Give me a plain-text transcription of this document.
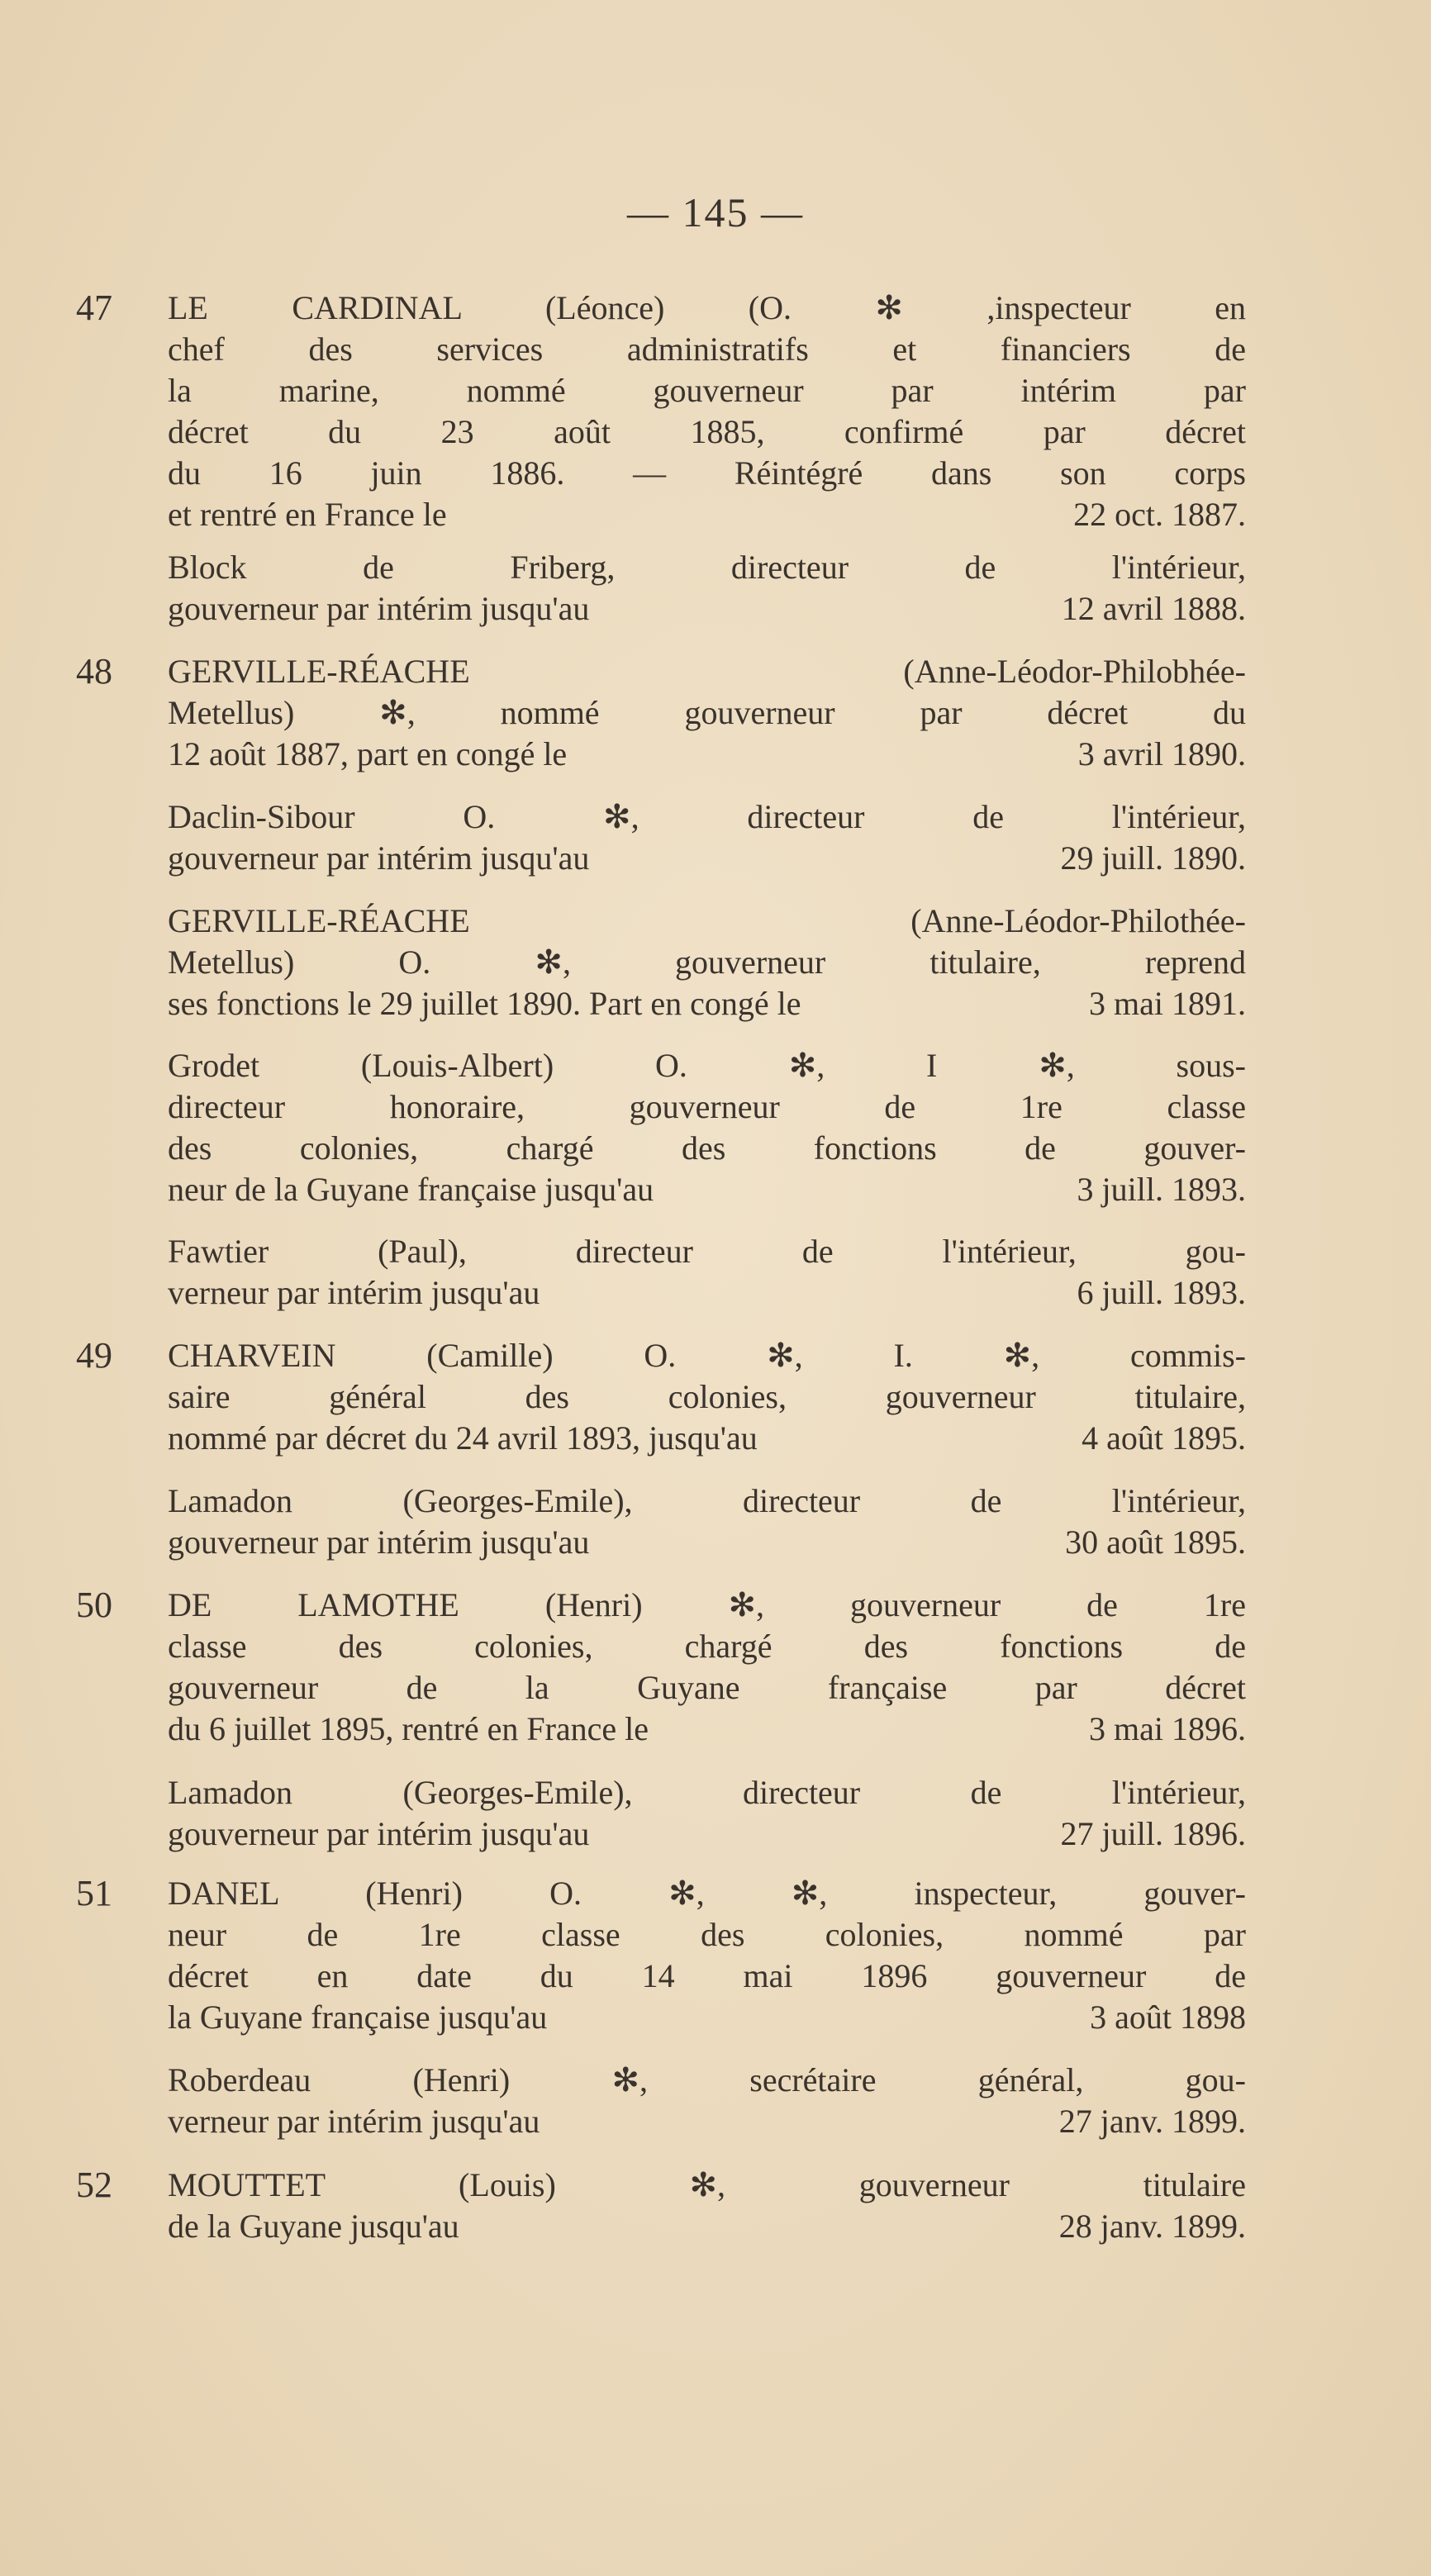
— 145 —
47 LE CARDINAL (Léonce) (O. ✻ ,inspecteur en
chef des services administratifs et financiers de
la marine, nommé gouverneur par intérim par
décret du 23 août 1885, confirmé par décret
du 16 juin 1886. — Réintégré dans son corps
et rentré en France le	22 oct. 1887.
Block de Friberg, directeur de l'intérieur,
gouverneur par intérim jusqu'au	12 avril 1888.
48 GERVILLE-RÉACHE (Anne-Léodor-Philobhée-
Metellus) ✻, nommé gouverneur par décret du
12 août 1887, part en congé le	3 avril 1890.
Daclin-Sibour O. ✻, directeur de l'intérieur,
gouverneur par intérim jusqu'au	29 juill. 1890.
GERVILLE-RÉACHE (Anne-Léodor-Philothée-
Metellus) O. ✻, gouverneur titulaire, reprend
ses fonctions le 29 juillet 1890. Part en congé le	3 mai 1891.
Grodet (Louis-Albert) O. ✻, I ✻, sous-
directeur honoraire, gouverneur de 1re classe
des colonies, chargé des fonctions de gouver-
neur de la Guyane française jusqu'au	3 juill. 1893.
Fawtier (Paul), directeur de l'intérieur, gou-
verneur par intérim jusqu'au	6 juill. 1893.
49 CHARVEIN (Camille) O. ✻, I. ✻, commis-
saire général des colonies, gouverneur titulaire,
nommé par décret du 24 avril 1893, jusqu'au	4 août 1895.
Lamadon (Georges-Emile), directeur de l'intérieur,
gouverneur par intérim jusqu'au	30 août 1895.
50 DE LAMOTHE (Henri) ✻, gouverneur de 1re
classe des colonies, chargé des fonctions de
gouverneur de la Guyane française par décret
du 6 juillet 1895, rentré en France le	3 mai 1896.
Lamadon (Georges-Emile), directeur de l'intérieur,
gouverneur par intérim jusqu'au	27 juill. 1896.
51 DANEL (Henri) O. ✻, ✻, inspecteur, gouver-
neur de 1re classe des colonies, nommé par
décret en date du 14 mai 1896 gouverneur de
la Guyane française jusqu'au	3 août 1898
Roberdeau (Henri) ✻, secrétaire général, gou-
verneur par intérim jusqu'au	27 janv. 1899.
52 MOUTTET (Louis) ✻, gouverneur titulaire
de la Guyane jusqu'au	28 janv. 1899.
